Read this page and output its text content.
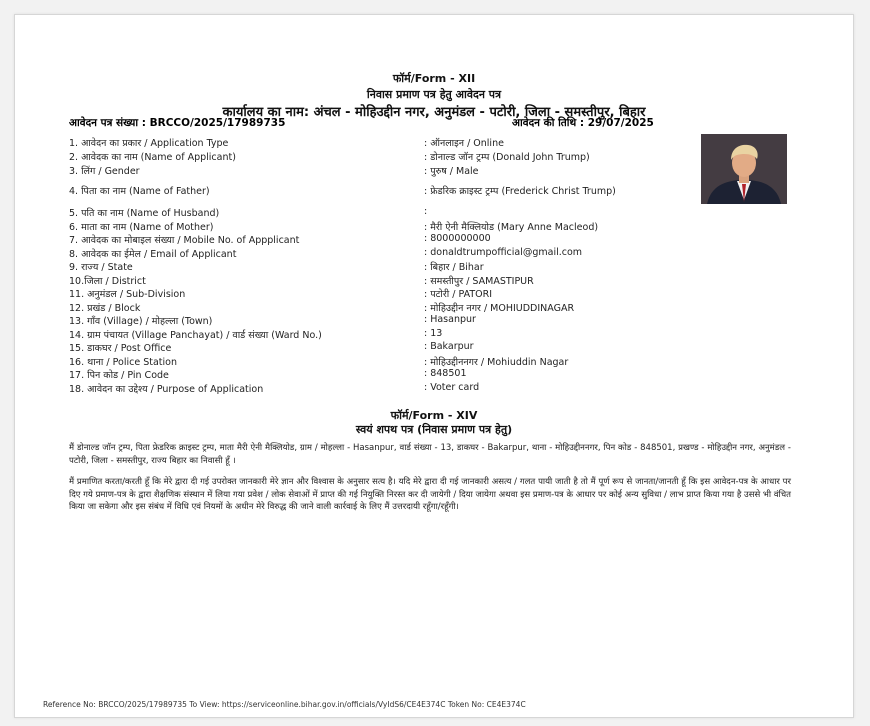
फॉर्म/Form - XII
निवास प्रमाण पत्र हेतु आवेदन पत्र
कार्यालय का नाम: अंचल - मोहिउद्दीन नगर, अनुमंडल - पटोरी, जिला - समस्तीपुर, बिहार
आवेदन पत्र संख्या : BRCCO/2025/17989735	आवेदन की तिथि : 29/07/2025
1. आवेदन का प्रकार / Application Type	: ऑनलाइन / Online
2. आवेदक का नाम (Name of Applicant)	: डोनाल्ड जॉन ट्रम्प (Donald John Trump)
3. लिंग / Gender	: पुरुष / Male
4. पिता का नाम (Name of Father)	: फ्रेडरिक क्राइस्ट ट्रम्प (Frederick Christ Trump)
5. पति का नाम (Name of Husband)	:
6. माता का नाम (Name of Mother)	: मैरी ऐनी मैक्लियोड (Mary Anne Macleod)
7. आवेदक का मोबाइल संख्या / Mobile No. of Appplicant	: 8000000000
8. आवेदक का ईमेल / Email of Applicant	: donaldtrumpofficial@gmail.com
9. राज्य / State	: बिहार / Bihar
10.जिला / District	: समस्तीपुर / SAMASTIPUR
11. अनुमंडल / Sub-Division	: पटोरी / PATORI
12. प्रखंड / Block	: मोहिउद्दीन नगर / MOHIUDDINAGAR
13. गाँव (Village) / मोहल्ला (Town)	: Hasanpur
14. ग्राम पंचायत (Village Panchayat) / वार्ड संख्या (Ward No.)	: 13
15. डाकघर / Post Office	: Bakarpur
16. थाना / Police Station	: मोहिउद्दीननगर / Mohiuddin Nagar
17. पिन कोड / Pin Code	: 848501
18. आवेदन का उद्देश्य / Purpose of Application	: Voter card
फॉर्म/Form - XIV
स्वयं शपथ पत्र (निवास प्रमाण पत्र हेतु)
मैं डोनाल्ड जॉन ट्रम्प, पिता फ्रेडरिक क्राइस्ट ट्रम्प, माता मैरी ऐनी मैक्लियोड, ग्राम / मोहल्ला - Hasanpur, वार्ड संख्या - 13, डाकघर - Bakarpur, थाना - मोहिउद्दीननगर, पिन कोड - 848501, प्रखण्ड - मोहिउद्दीन नगर, अनुमंडल - पटोरी, जिला - समस्तीपुर, राज्य बिहार का निवासी हूँ ।
मैं प्रमाणित करता/करती हूँ कि मेरे द्वारा दी गई उपरोक्त जानकारी मेरे ज्ञान और विश्वास के अनुसार सत्य है। यदि मेरे द्वारा दी गई जानकारी असत्य / गलत पायी जाती है तो मैं पूर्ण रूप से जानता/जानती हूँ कि इस आवेदन-पत्र के आधार पर दिए गये प्रमाण-पत्र के द्वारा शैक्षणिक संस्थान में लिया गया प्रवेश / लोक सेवाओं में प्राप्त की गई नियुक्ति निरस्त कर दी जायेगी / दिया जायेगा अथवा इस प्रमाण-पत्र के आधार पर कोई अन्य सुविधा / लाभ प्राप्त किया गया है उससे भी वंचित किया जा सकेगा और इस संबंध में विधि एवं नियमों के अधीन मेरे विरुद्ध की जाने वाली कार्रवाई के लिए मैं उत्तरदायी रहूँगा/रहूँगी।
Reference No: BRCCO/2025/17989735 To View: https://serviceonline.bihar.gov.in/officials/VyIdS6/CE4E374C Token No: CE4E374C
